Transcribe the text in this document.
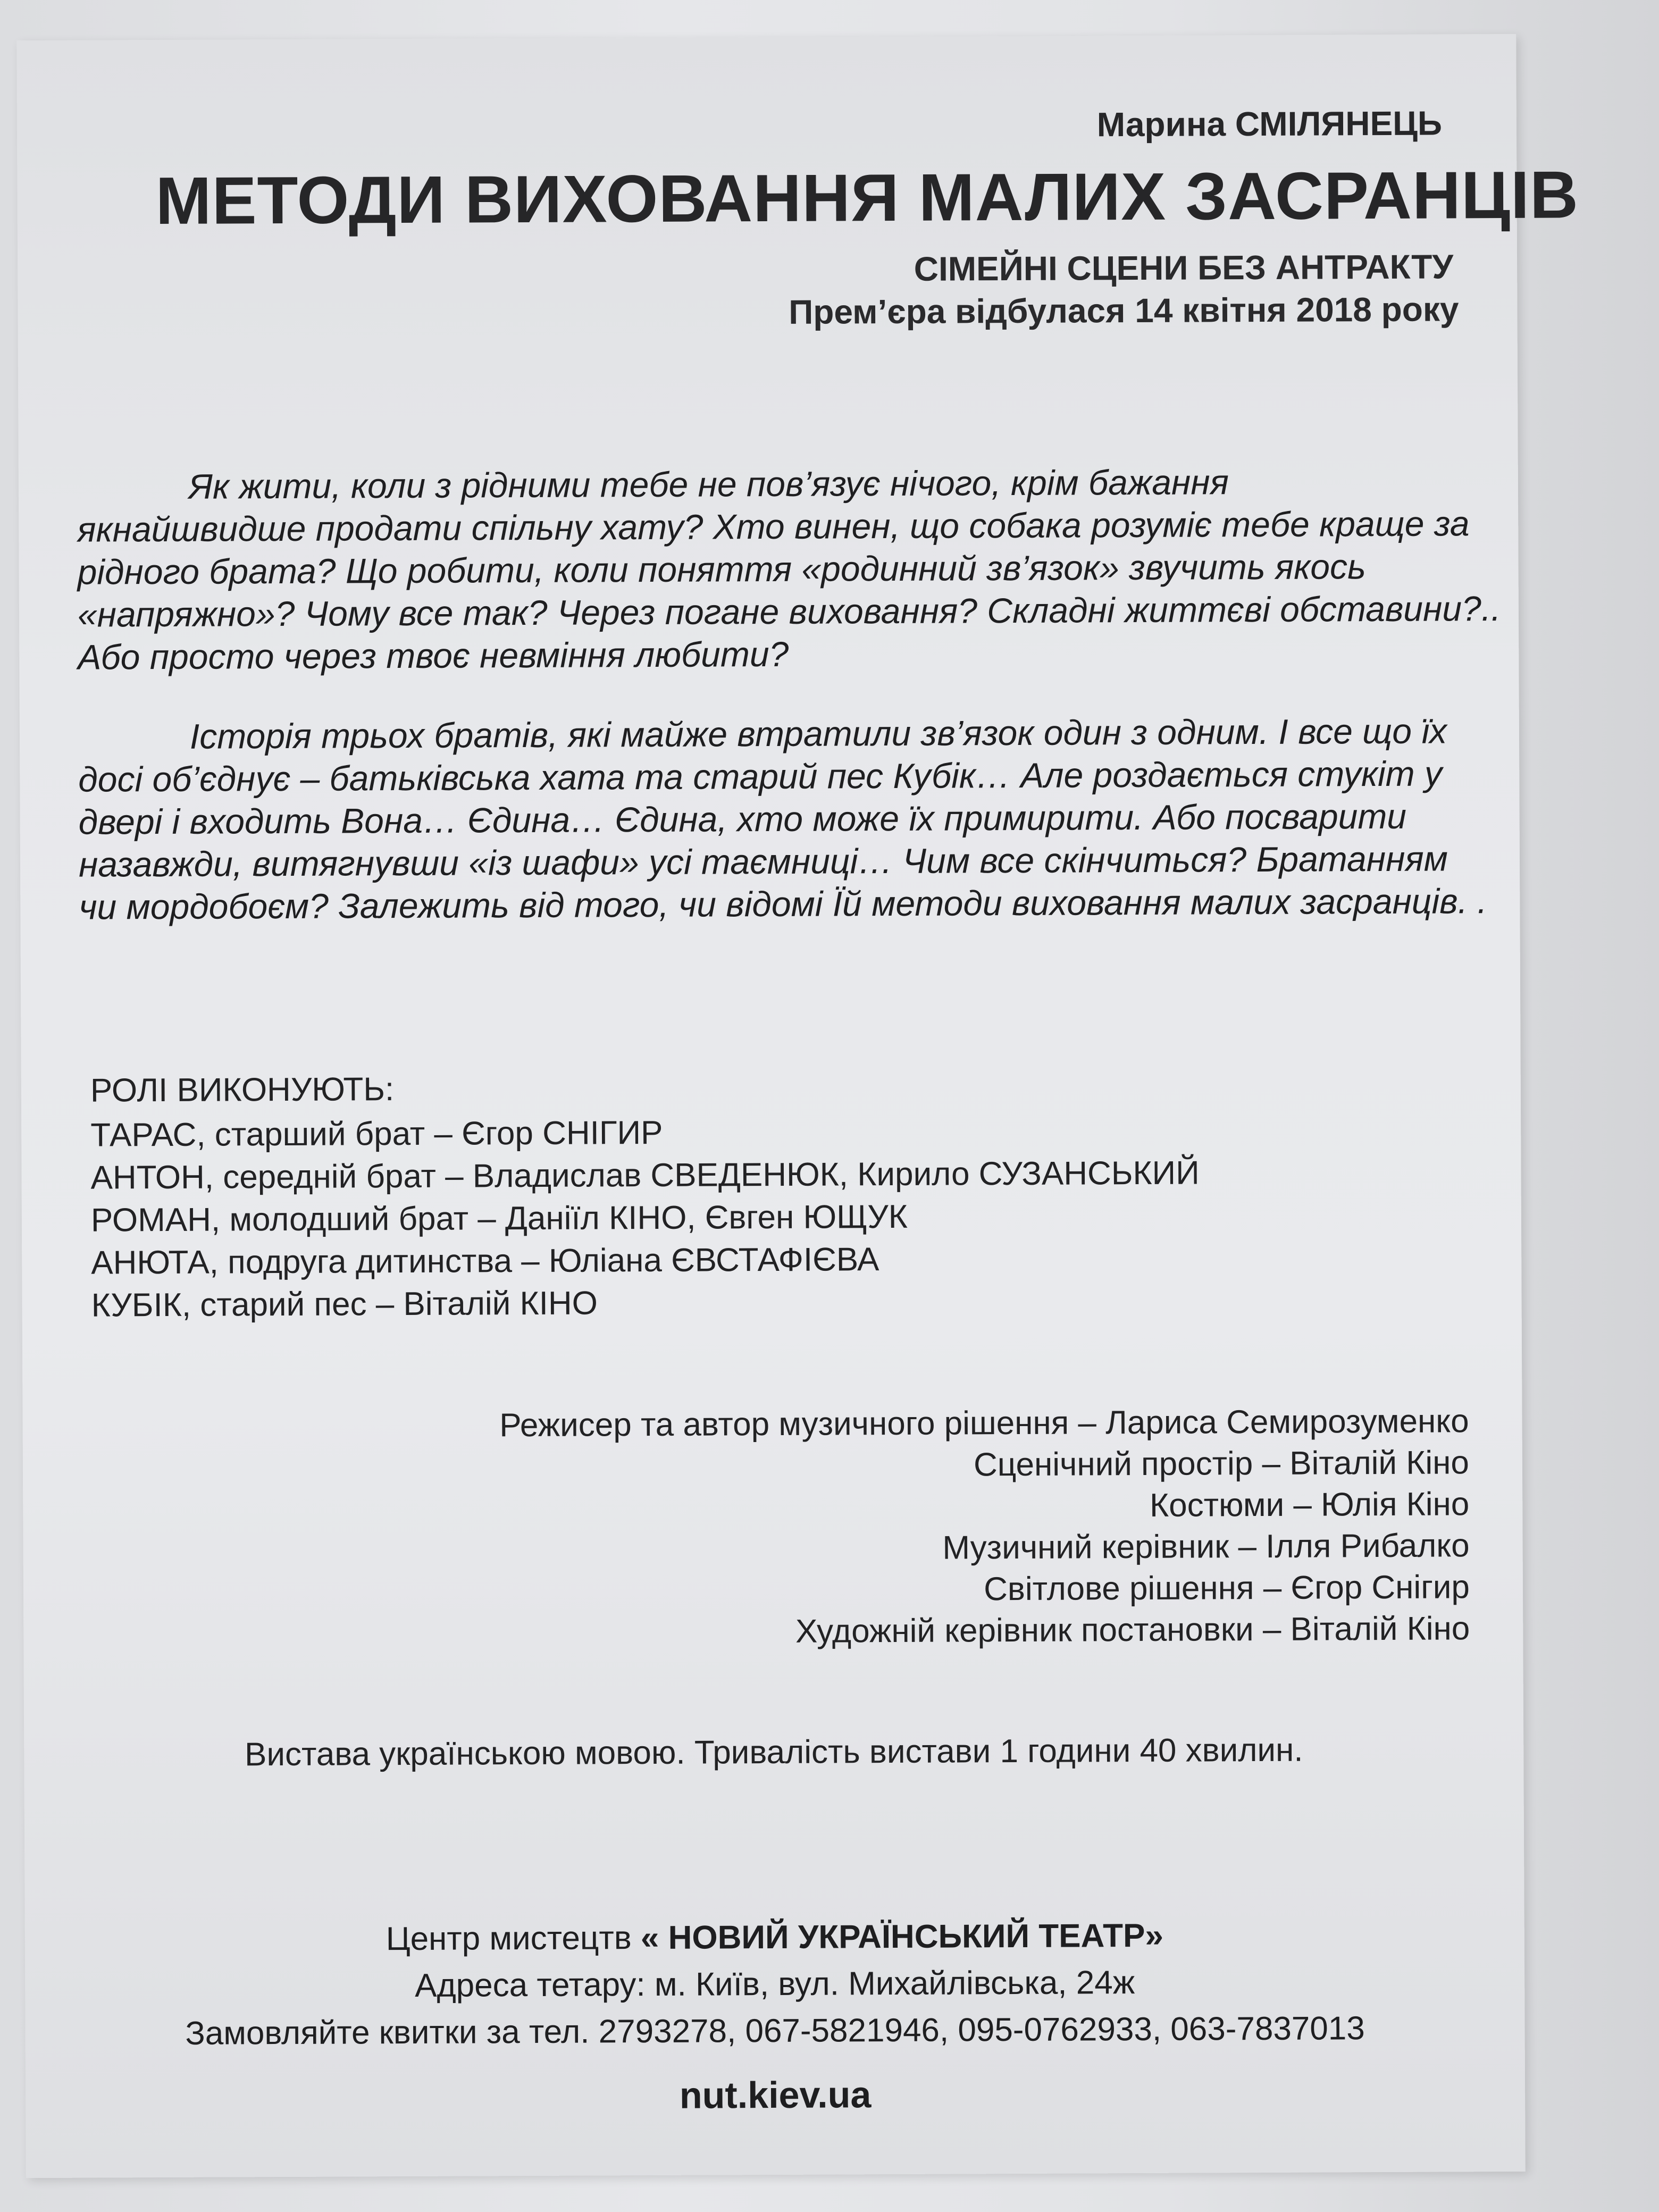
Марина СМІЛЯНЕЦЬ

МЕТОДИ ВИХОВАННЯ МАЛИХ ЗАСРАНЦІВ

СІМЕЙНІ СЦЕНИ БЕЗ АНТРАКТУ

Прем’єра відбулася 14 квітня 2018 року

Як жити, коли з рідними тебе не пов’язує нічого, крім бажання
якнайшвидше продати спільну хату? Хто винен, що собака розуміє тебе краще за
рідного брата? Що робити, коли поняття «родинний зв’язок» звучить якось
«напряжно»? Чому все так? Через погане виховання? Складні життєві обставини?..
Або просто через твоє невміння любити?
Історія трьох братів, які майже втратили зв’язок один з одним. І все що їх
досі об’єднує – батьківська хата та старий пес Кубік… Але роздається стукіт у
двері і входить Вона… Єдина… Єдина, хто може їх примирити. Або посварити
назавжди, витягнувши «із шафи» усі таємниці… Чим все скінчиться? Братанням
чи мордобоєм? Залежить від того, чи відомі Їй методи виховання малих засранців. .

РОЛІ ВИКОНУЮТЬ:

ТАРАС, старший брат – Єгор СНІГИР
АНТОН, середній брат – Владислав СВЕДЕНЮК, Кирило СУЗАНСЬКИЙ
РОМАН, молодший брат – Даніїл КІНО, Євген ЮЩУК
АНЮТА, подруга дитинства – Юліана ЄВСТАФІЄВА
КУБІК, старий пес – Віталій КІНО
Режисер та автор музичного рішення – Лариса Семирозуменко
Сценічний простір – Віталій Кіно
Костюми – Юлія Кіно
Музичний керівник – Ілля Рибалко
Світлове рішення – Єгор Снігир
Художній керівник постановки – Віталій Кіно

Вистава українською мовою. Тривалість вистави 1 години 40 хвилин.

Центр мистецтв « НОВИЙ УКРАЇНСЬКИЙ ТЕАТР»
Адреса тетару: м. Київ, вул. Михайлівська, 24ж
Замовляйте квитки за тел. 2793278, 067-5821946, 095-0762933, 063-7837013

nut.kiev.ua
